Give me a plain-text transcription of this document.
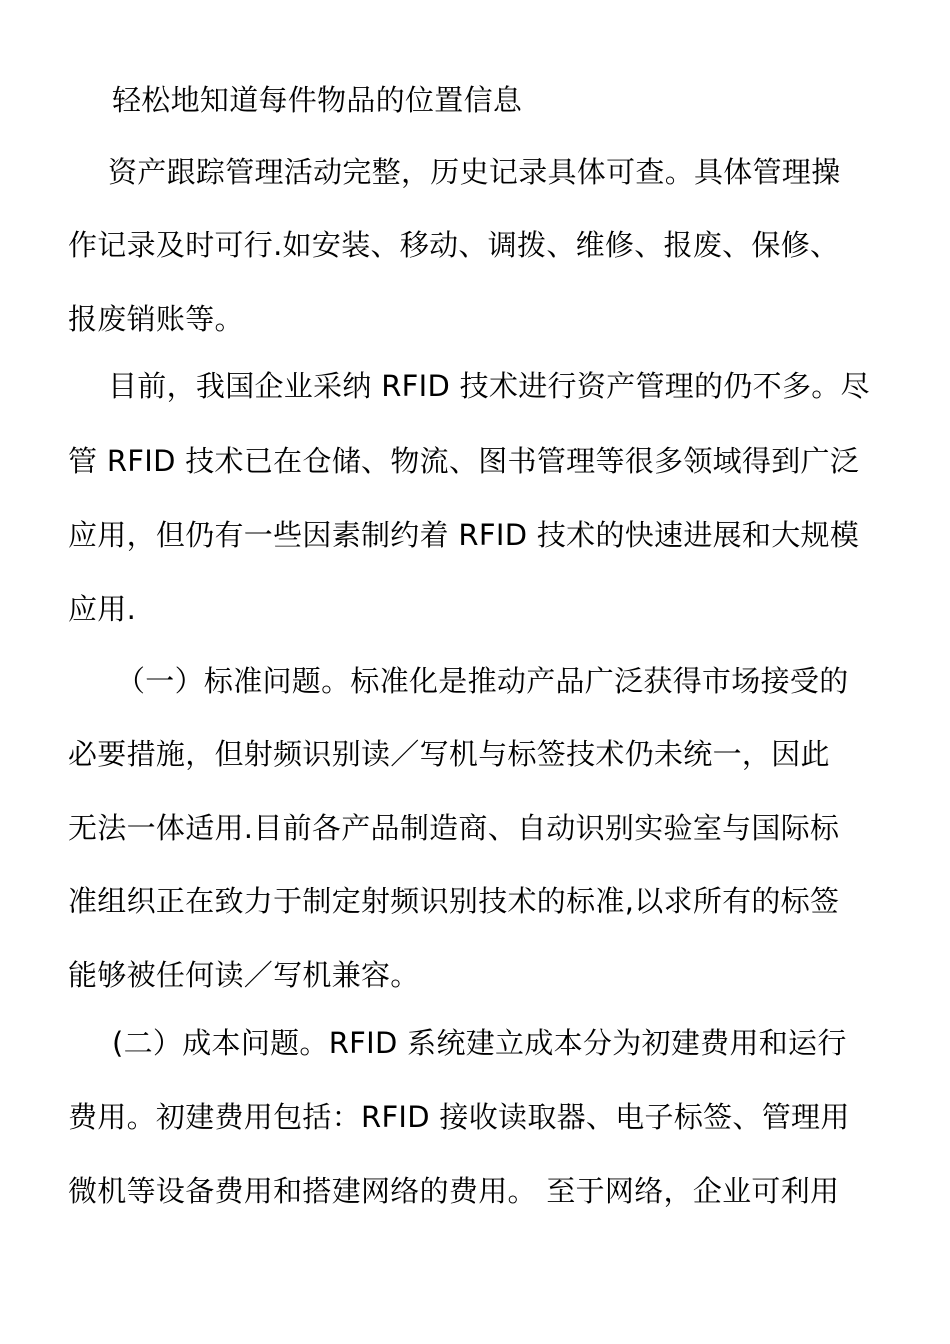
轻松地知道每件物品的位置信息
资产跟踪管理活动完整，历史记录具体可查。具体管理操
作记录及时可行.如安装、移动、调拨、维修、报废、保修、
报废销账等。
目前，我国企业采纳 RFID 技术进行资产管理的仍不多。尽
管 RFID 技术已在仓储、物流、图书管理等很多领域得到广泛
应用，但仍有一些因素制约着 RFID 技术的快速进展和大规模
应用.
（一）标准问题。标准化是推动产品广泛获得市场接受的
必要措施，但射频识别读／写机与标签技术仍未统一，因此
无法一体适用.目前各产品制造商、自动识别实验室与国际标
准组织正在致力于制定射频识别技术的标准,以求所有的标签
能够被任何读／写机兼容。
(二）成本问题。RFID 系统建立成本分为初建费用和运行
费用。初建费用包括：RFID 接收读取器、电子标签、管理用
微机等设备费用和搭建网络的费用。 至于网络，企业可利用
